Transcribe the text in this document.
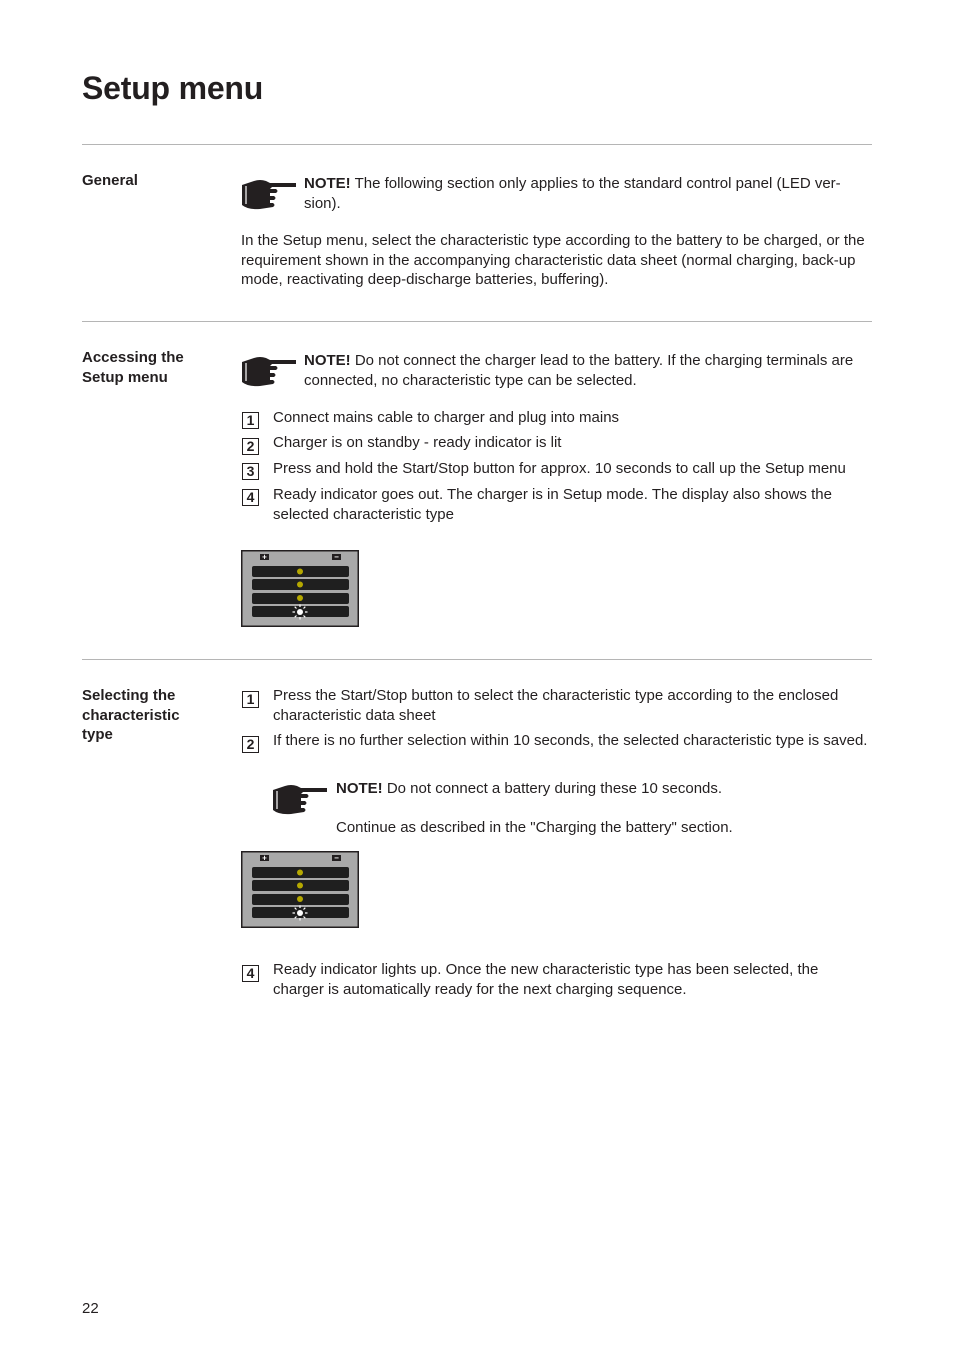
Setup menu

General	NOTE! The following section only applies to the standard control panel (LED ver-sion).

In the Setup menu, select the characteristic type according to the battery to be charged, or the requirement shown in the accompanying characteristic data sheet (normal charging, back-up mode, reactivating deep-discharge batteries, buffering).

Accessing the Setup menu

NOTE! Do not connect the charger lead to the battery. If the charging terminals are connected, no characteristic type can be selected.

1	Connect mains cable to charger and plug into mains

2	Charger is on standby - ready indicator is lit

3	Press and hold the Start/Stop button for approx. 10 seconds to call up the Setup menu

4	Ready indicator goes out. The charger is in Setup mode. The display also shows the selected characteristic type

+	−

Selecting the characteristic type

1	Press the Start/Stop button to select the characteristic type according to the enclosed characteristic data sheet

2	If there is no further selection within 10 seconds, the selected characteristic type is saved.

NOTE! Do not connect a battery during these 10 seconds.

Continue as described in the "Charging the battery" section.

+	−
4	Ready indicator lights up. Once the new characteristic type has been selected, the charger is automatically ready for the next charging sequence.

22
